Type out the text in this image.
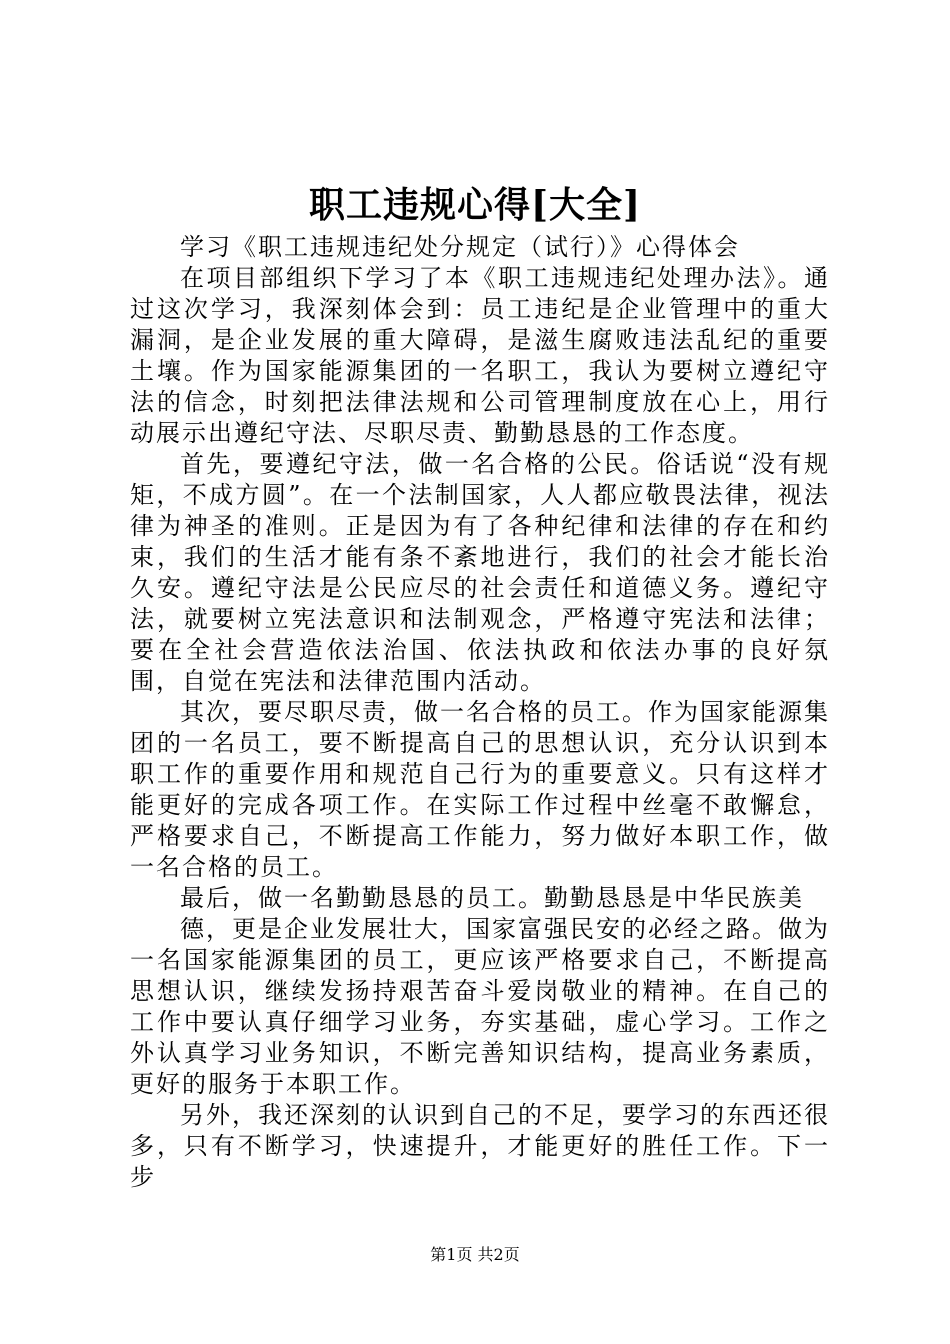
职工违规心得[大全]

学习《职工违规违纪处分规定（试行）》心得体会

在项目部组织下学习了本《职工违规违纪处理办法》。通过这次学习，我深刻体会到：员工违纪是企业管理中的重大漏洞，是企业发展的重大障碍，是滋生腐败违法乱纪的重要土壤。作为国家能源集团的一名职工，我认为要树立遵纪守法的信念，时刻把法律法规和公司管理制度放在心上，用行动展示出遵纪守法、尽职尽责、勤勤恳恳的工作态度。

首先，要遵纪守法，做一名合格的公民。俗话说“没有规矩，不成方圆”。在一个法制国家，人人都应敬畏法律，视法律为神圣的准则。正是因为有了各种纪律和法律的存在和约束，我们的生活才能有条不紊地进行，我们的社会才能长治久安。遵纪守法是公民应尽的社会责任和道德义务。遵纪守法，就要树立宪法意识和法制观念，严格遵守宪法和法律；要在全社会营造依法治国、依法执政和依法办事的良好氛围，自觉在宪法和法律范围内活动。

其次，要尽职尽责，做一名合格的员工。作为国家能源集团的一名员工，要不断提高自己的思想认识，充分认识到本职工作的重要作用和规范自己行为的重要意义。只有这样才能更好的完成各项工作。在实际工作过程中丝毫不敢懈怠，严格要求自己，不断提高工作能力，努力做好本职工作，做一名合格的员工。

最后，做一名勤勤恳恳的员工。勤勤恳恳是中华民族美

德，更是企业发展壮大，国家富强民安的必经之路。做为一名国家能源集团的员工，更应该严格要求自己，不断提高思想认识，继续发扬持艰苦奋斗爱岗敬业的精神。在自己的工作中要认真仔细学习业务，夯实基础，虚心学习。工作之外认真学习业务知识，不断完善知识结构，提高业务素质，更好的服务于本职工作。

另外，我还深刻的认识到自己的不足，要学习的东西还很多，只有不断学习，快速提升，才能更好的胜任工作。下一步

第1页 共2页
